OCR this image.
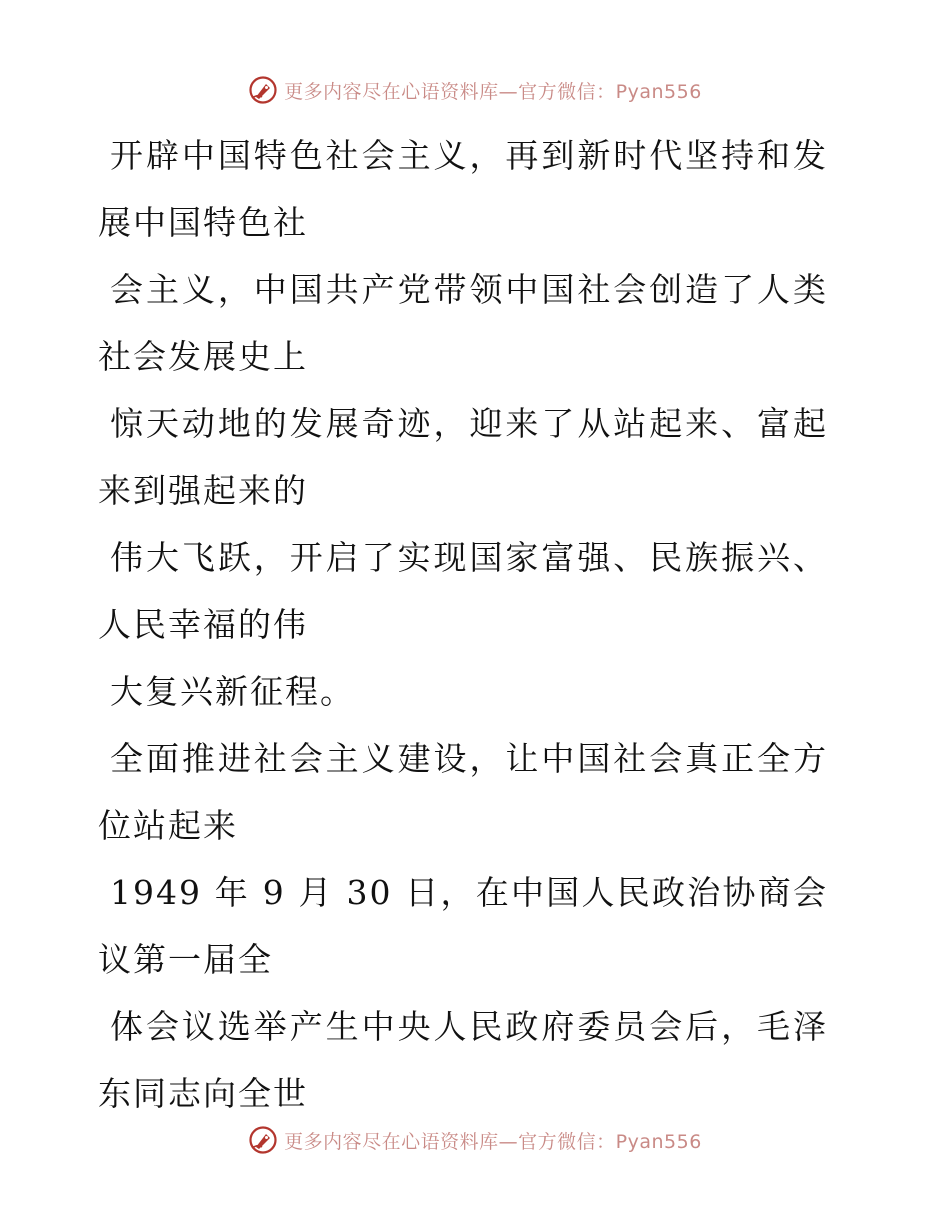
更多内容尽在心语资料库—官方微信：Pyan556
开辟中国特色社会主义，再到新时代坚持和发展中国特色社
会主义，中国共产党带领中国社会创造了人类社会发展史上
惊天动地的发展奇迹，迎来了从站起来、富起来到强起来的
伟大飞跃，开启了实现国家富强、民族振兴、人民幸福的伟
大复兴新征程。
全面推进社会主义建设，让中国社会真正全方位站起来
1949 年 9 月 30 日，在中国人民政治协商会议第一届全
体会议选举产生中央人民政府委员会后，毛泽东同志向全世
更多内容尽在心语资料库—官方微信：Pyan556
